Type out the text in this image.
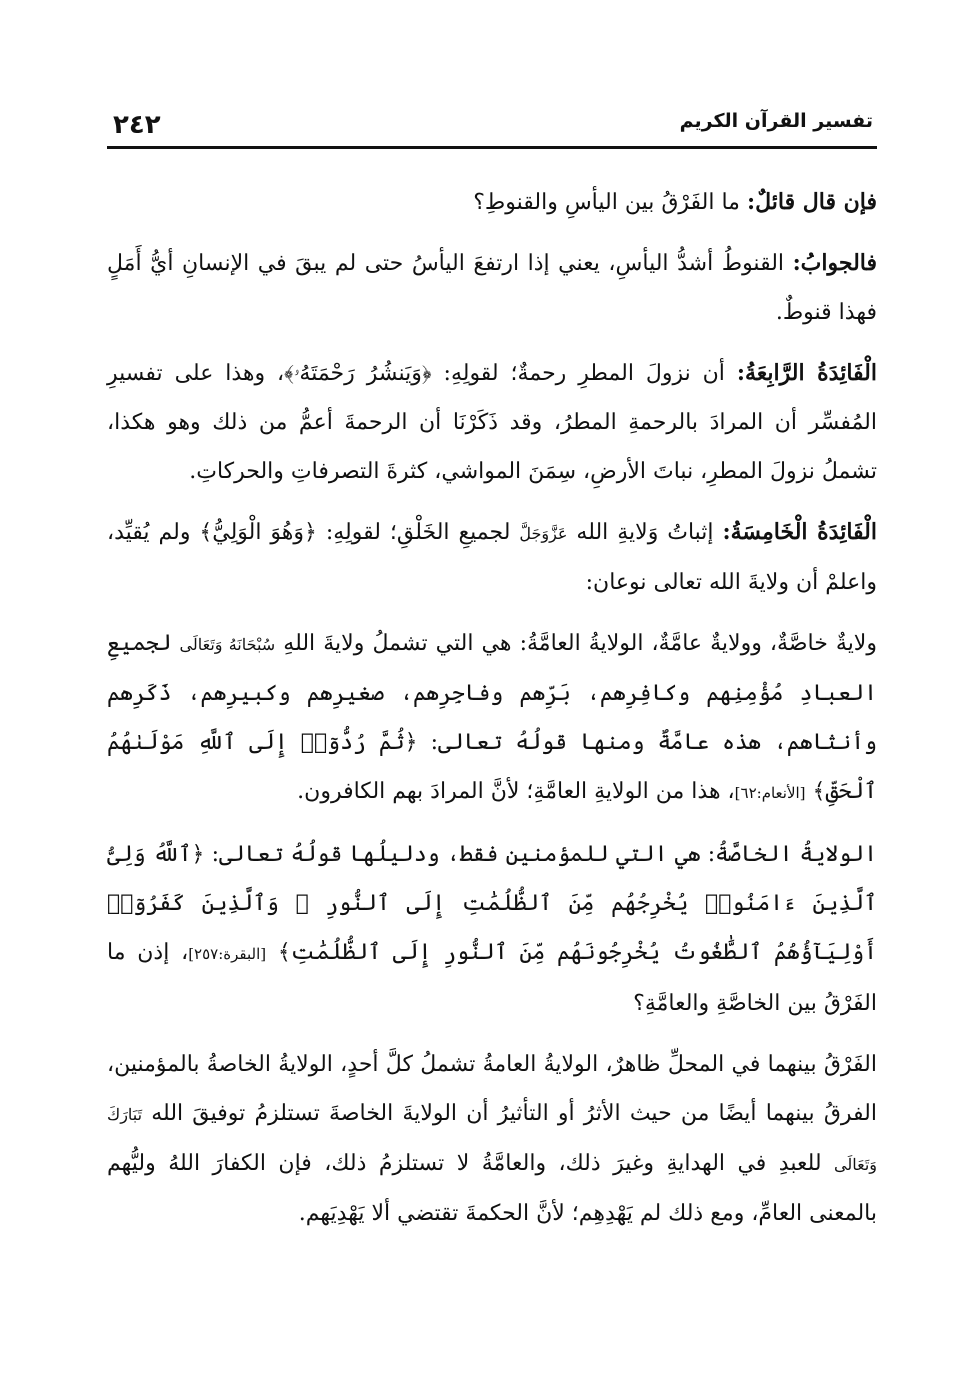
٢٤٢	تفسير القرآن الكريم

فإن قال قائلٌ: ما الفَرْقُ بين اليأسِ والقنوطِ؟

فالجوابُ: القنوطُ أشدُّ اليأسِ، يعني إذا ارتفعَ اليأسُ حتى لم يبقَ في الإنسانِ أيُّ أَمَلٍ فهذا قنوطٌ.

الْفَائِدَةُ الرَّابِعَةُ: أن نزولَ المطرِ رحمةٌ؛ لقولِهِ: ﴿وَيَنشُرُ رَحْمَتَهُۥ﴾، وهذا على تفسيرِ المُفسِّر أن المرادَ بالرحمةِ المطرُ، وقد ذَكَرْنَا أن الرحمةَ أعمُّ من ذلك وهو هكذا، تشملُ نزولَ المطرِ، نباتَ الأرضِ، سِمَنَ المواشي، كثرةَ التصرفاتِ والحركاتِ.

الْفَائِدَةُ الْخَامِسَةُ: إثباتُ وَلايةِ الله عَزَّوَجَلَّ لجميعِ الخَلْقِ؛ لقولِهِ: ﴿وَهُوَ الْوَلِيُّ﴾ ولم يُقيِّد، واعلمْ أن ولايةَ الله تعالى نوعان:

ولايةٌ خاصَّةٌ، وولايةٌ عامَّةٌ، الولايةُ العامَّةُ: هي التي تشملُ ولايةَ اللهِ سُبْحَانَهُ وَتَعَالَى لجميعِ العبادِ مُؤْمِنِهم وكافِرِهم، بَرِّهم وفاجِرِهم، صغيرِهم وكبيرِهم، ذَكَرِهم وأنثاهم، هذه عامَّةٌ ومنها قولُهُ تعالى: ﴿ثُمَّ رُدُّوٓا۟ إِلَى ٱللَّهِ مَوْلَىٰهُمُ ٱلْحَقِّ﴾ [الأنعام:٦٢]، هذا من الولايةِ العامَّةِ؛ لأنَّ المرادَ بهم الكافرون.

الولايةُ الخاصَّةُ: هي التي للمؤمنين فقط، ودليلُها قولُهُ تعالى: ﴿ٱللَّهُ وَلِىُّ ٱلَّذِينَ ءَامَنُوا۟ يُخْرِجُهُم مِّنَ ٱلظُّلُمَٰتِ إِلَى ٱلنُّورِ ۖ وَٱلَّذِينَ كَفَرُوٓا۟ أَوْلِيَآؤُهُمُ ٱلطَّٰغُوتُ يُخْرِجُونَهُم مِّنَ ٱلنُّورِ إِلَى ٱلظُّلُمَٰتِ﴾ [البقرة:٢٥٧]، إذن ما الفَرْقُ بين الخاصَّةِ والعامَّةِ؟

الفَرْقُ بينهما في المحلِّ ظاهرٌ، الولايةُ العامةُ تشملُ كلَّ أحدٍ، الولايةُ الخاصةُ بالمؤمنين، الفرقُ بينهما أيضًا من حيث الأثرُ أو التأثيرُ أن الولايةَ الخاصةَ تستلزمُ توفيقَ الله تَبَارَكَ وَتَعَالَى للعبدِ في الهدايةِ وغيرَ ذلك، والعامَّةُ لا تستلزمُ ذلك، فإن الكفارَ اللهُ وليُّهم بالمعنى العامِّ، ومع ذلك لم يَهْدِهِم؛ لأنَّ الحكمةَ تقتضي ألا يَهْدِيَهم.
